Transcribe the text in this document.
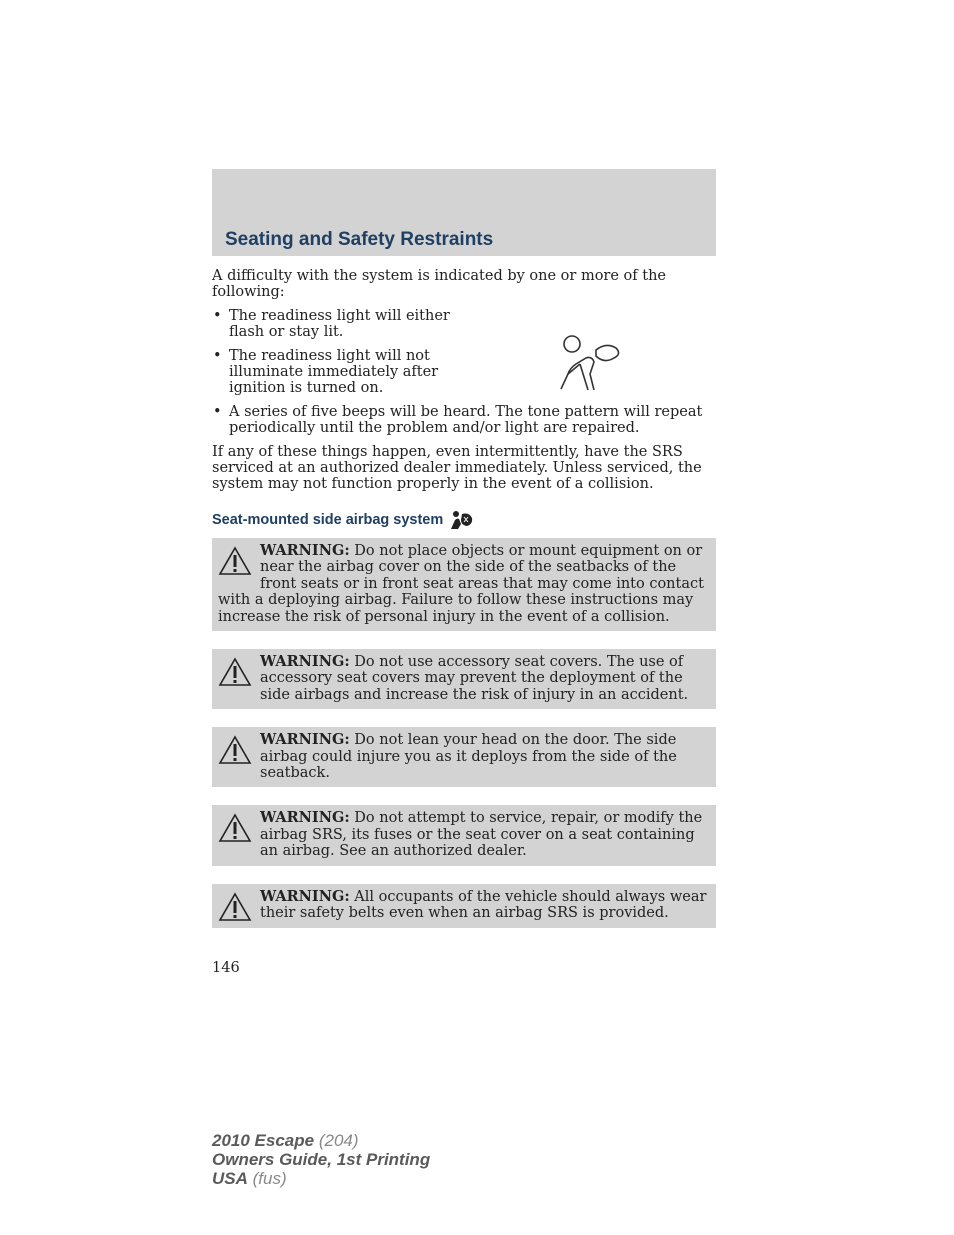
Seating and Safety Restraints

A difficulty with the system is indicated by one or more of the following:

• The readiness light will either flash or stay lit.
• The readiness light will not illuminate immediately after ignition is turned on.
• A series of five beeps will be heard. The tone pattern will repeat periodically until the problem and/or light are repaired.

If any of these things happen, even intermittently, have the SRS serviced at an authorized dealer immediately. Unless serviced, the system may not function properly in the event of a collision.

Seat-mounted side airbag system
WARNING: Do not place objects or mount equipment on or near the airbag cover on the side of the seatbacks of the front seats or in front seat areas that may come into contact with a deploying airbag. Failure to follow these instructions may increase the risk of personal injury in the event of a collision.
WARNING: Do not use accessory seat covers. The use of accessory seat covers may prevent the deployment of the side airbags and increase the risk of injury in an accident.
WARNING: Do not lean your head on the door. The side airbag could injure you as it deploys from the side of the seatback.
WARNING: Do not attempt to service, repair, or modify the airbag SRS, its fuses or the seat cover on a seat containing an airbag. See an authorized dealer.
WARNING: All occupants of the vehicle should always wear their safety belts even when an airbag SRS is provided.
146
2010 Escape (204)
Owners Guide, 1st Printing
USA (fus)
